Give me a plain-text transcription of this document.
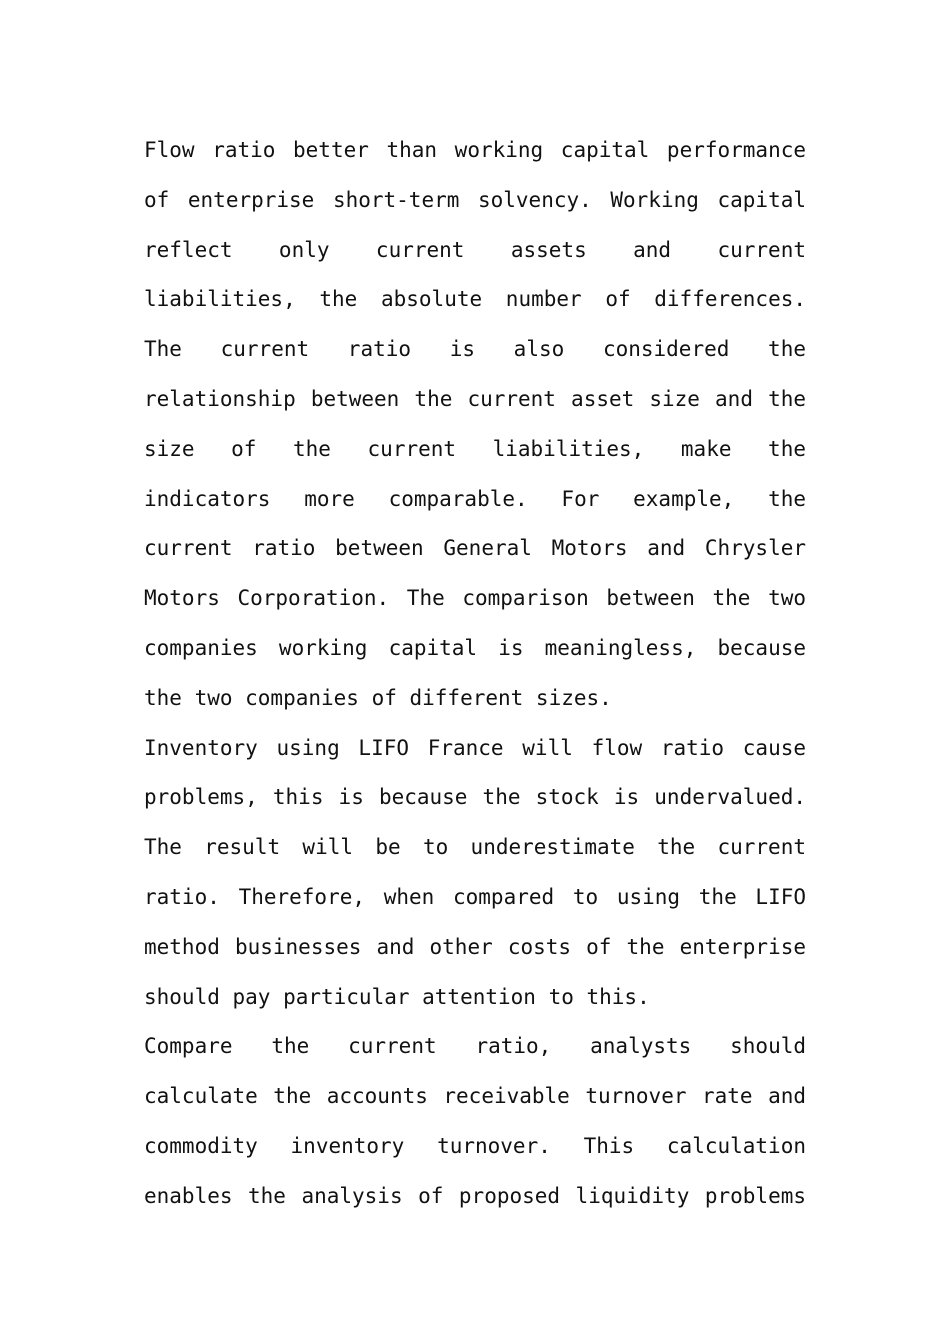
Flow ratio better than working capital performance
of enterprise short-term solvency. Working capital
reflect only current assets and current
liabilities, the absolute number of differences.
The current ratio is also considered the
relationship between the current asset size and the
size of the current liabilities, make the
indicators more comparable. For example, the
current ratio between General Motors and Chrysler
Motors Corporation. The comparison between the two
companies working capital is meaningless, because
the two companies of different sizes.
Inventory using LIFO France will flow ratio cause
problems, this is because the stock is undervalued.
The result will be to underestimate the current
ratio. Therefore, when compared to using the LIFO
method businesses and other costs of the enterprise
should pay particular attention to this.
Compare the current ratio, analysts should
calculate the accounts receivable turnover rate and
commodity inventory turnover. This calculation
enables the analysis of proposed liquidity problems
